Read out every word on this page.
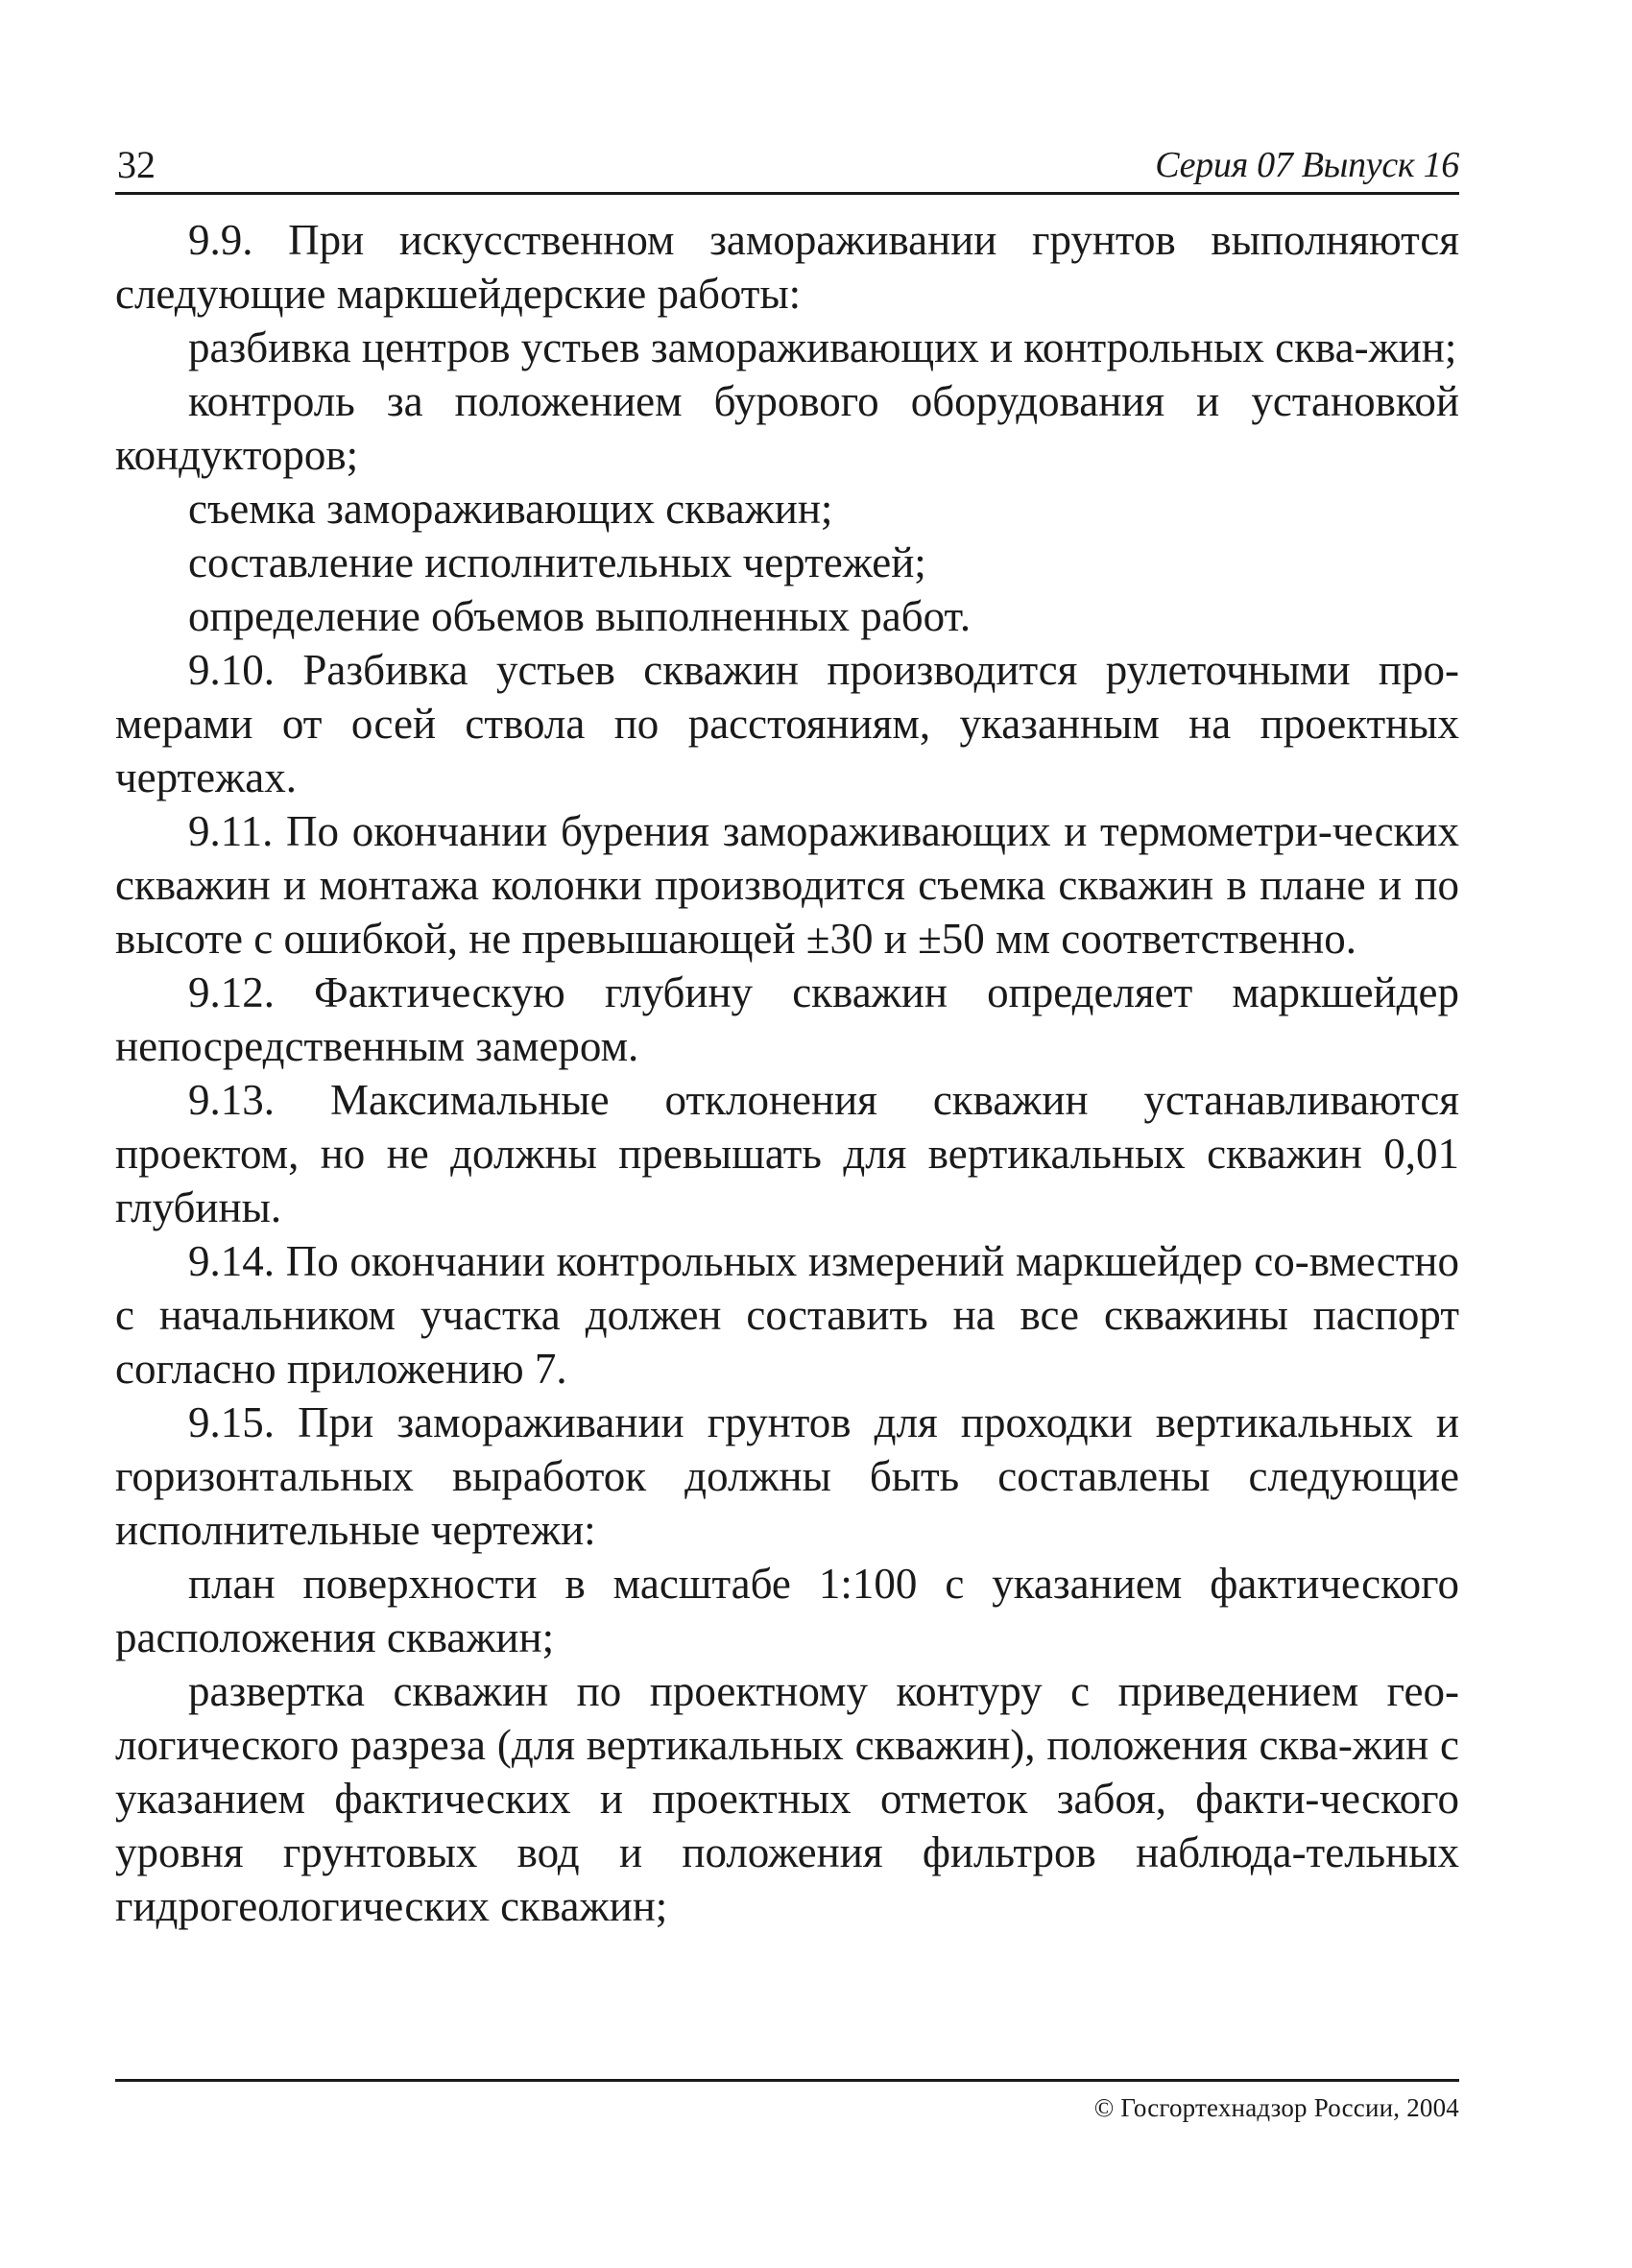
32	Серия 07 Выпуск 16

9.9. При искусственном замораживании грунтов выполняются следующие маркшейдерские работы:

разбивка центров устьев замораживающих и контрольных сква-жин;

контроль за положением бурового оборудования и установкой кондукторов;

съемка замораживающих скважин;

составление исполнительных чертежей;

определение объемов выполненных работ.

9.10. Разбивка устьев скважин производится рулеточными про-мерами от осей ствола по расстояниям, указанным на проектных чертежах.

9.11. По окончании бурения замораживающих и термометри-ческих скважин и монтажа колонки производится съемка скважин в плане и по высоте с ошибкой, не превышающей ±30 и ±50 мм соответственно.

9.12. Фактическую глубину скважин определяет маркшейдер непосредственным замером.

9.13. Максимальные отклонения скважин устанавливаются проектом, но не должны превышать для вертикальных скважин 0,01 глубины.

9.14. По окончании контрольных измерений маркшейдер со-вместно с начальником участка должен составить на все скважины паспорт согласно приложению 7.

9.15. При замораживании грунтов для проходки вертикальных и горизонтальных выработок должны быть составлены следующие исполнительные чертежи:

план поверхности в масштабе 1:100 с указанием фактического расположения скважин;

развертка скважин по проектному контуру с приведением гео-логического разреза (для вертикальных скважин), положения сква-жин с указанием фактических и проектных отметок забоя, факти-ческого уровня грунтовых вод и положения фильтров наблюда-тельных гидрогеологических скважин;

© Госгортехнадзор России, 2004
